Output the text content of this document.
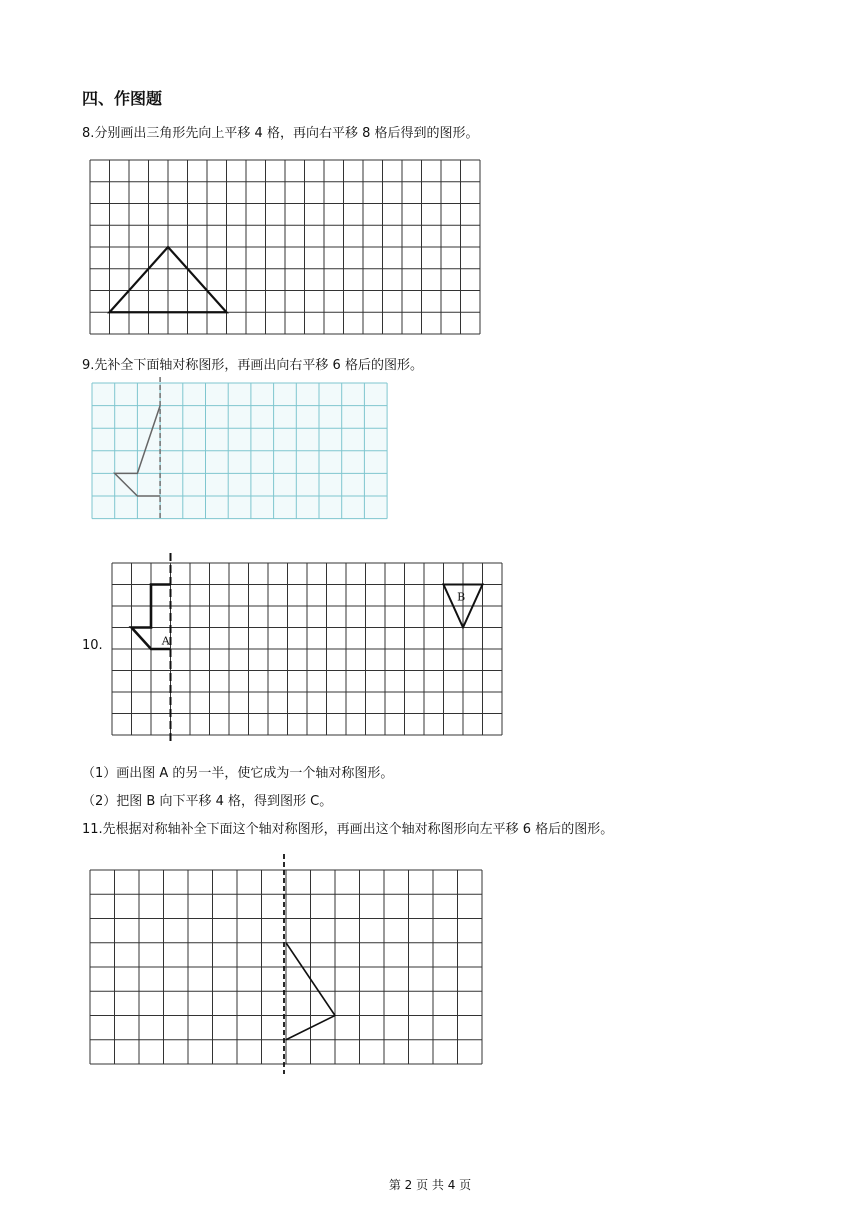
四、作图题
8.分别画出三角形先向上平移 4 格，再向右平移 8 格后得到的图形。
9.先补全下面轴对称图形，再画出向右平移 6 格后的图形。
10.	A
B
（1）画出图 A 的另一半，使它成为一个轴对称图形。
（2）把图 B 向下平移 4 格，得到图形 C。
11.先根据对称轴补全下面这个轴对称图形，再画出这个轴对称图形向左平移 6 格后的图形。
第 2 页 共 4 页
